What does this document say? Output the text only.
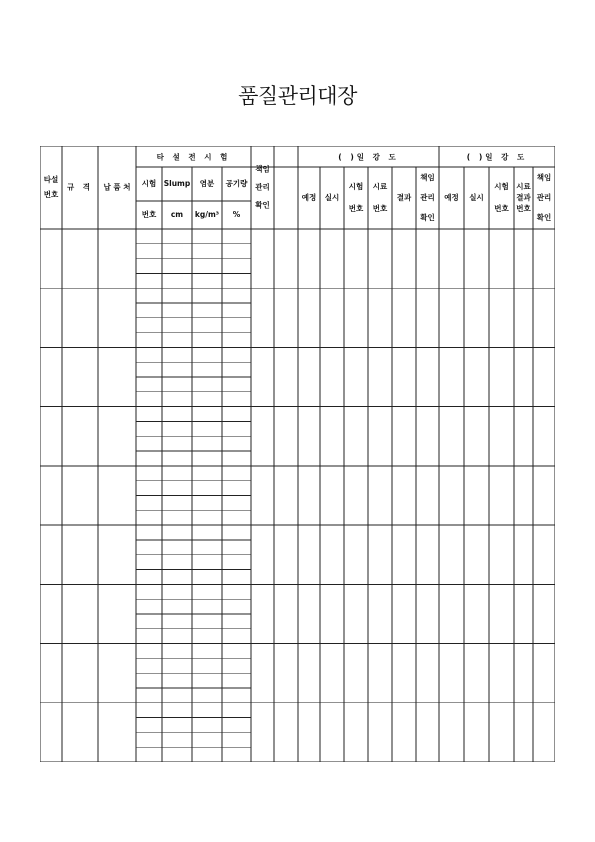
품질관리대장
타설
번호
규 격 납 품 처
타 설 전 시 험
시험
번호
Slump
cm
염분
kg/m³
공기량
%
책임
관리
확인
( )일 강 도
예정 실시
시험
번호
시료
번호
결과
책임
관리
확인
( )일 강 도
예정 실시
시험
번호
시료
번호
결과
책임
관리
확인
